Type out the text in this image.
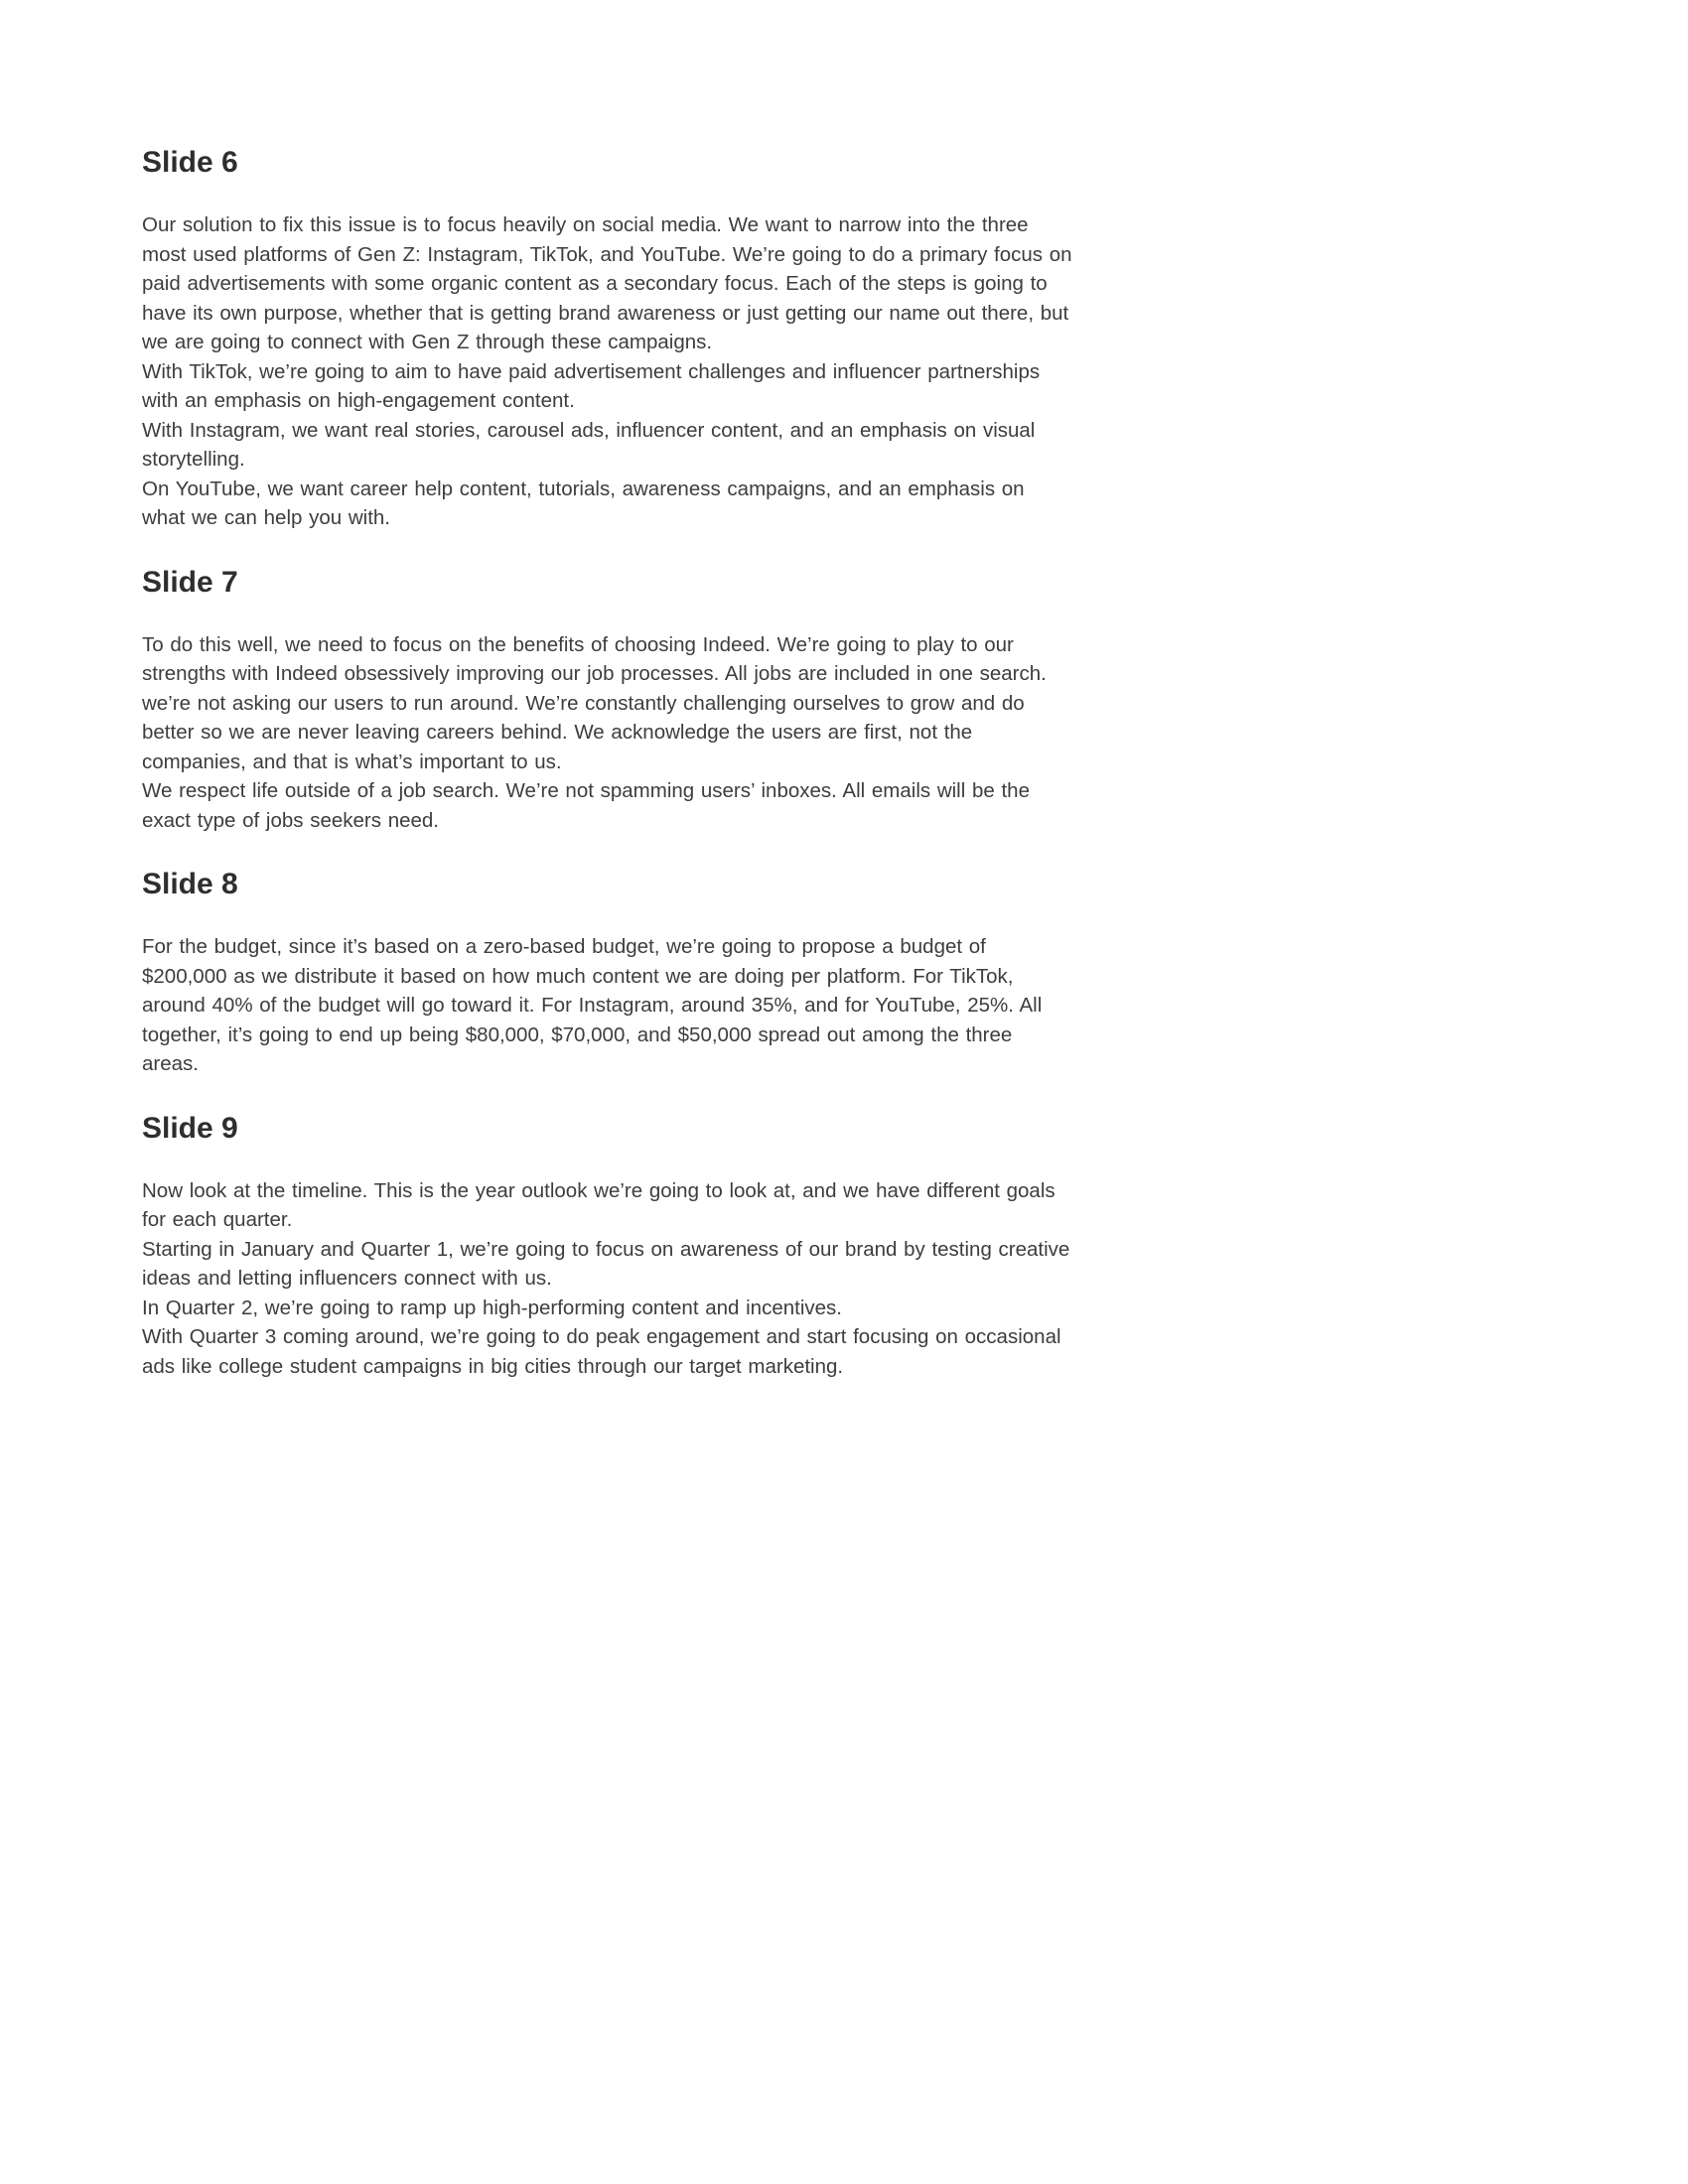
Slide 6

Our solution to fix this issue is to focus heavily on social media. We want to narrow into the three most used platforms of Gen Z: Instagram, TikTok, and YouTube. We’re going to do a primary focus on paid advertisements with some organic content as a secondary focus. Each of the steps is going to have its own purpose, whether that is getting brand awareness or just getting our name out there, but we are going to connect with Gen Z through these campaigns.

With TikTok, we’re going to aim to have paid advertisement challenges and influencer partnerships with an emphasis on high-engagement content.

With Instagram, we want real stories, carousel ads, influencer content, and an emphasis on visual storytelling.

On YouTube, we want career help content, tutorials, awareness campaigns, and an emphasis on what we can help you with.

Slide 7

To do this well, we need to focus on the benefits of choosing Indeed. We’re going to play to our strengths with Indeed obsessively improving our job processes. All jobs are included in one search. we’re not asking our users to run around. We’re constantly challenging ourselves to grow and do better so we are never leaving careers behind. We acknowledge the users are first, not the companies, and that is what’s important to us.

We respect life outside of a job search. We’re not spamming users’ inboxes. All emails will be the exact type of jobs seekers need.

Slide 8

For the budget, since it’s based on a zero-based budget, we’re going to propose a budget of $200,000 as we distribute it based on how much content we are doing per platform. For TikTok, around 40% of the budget will go toward it. For Instagram, around 35%, and for YouTube, 25%. All together, it’s going to end up being $80,000, $70,000, and $50,000 spread out among the three areas.

Slide 9

Now look at the timeline. This is the year outlook we’re going to look at, and we have different goals for each quarter.

Starting in January and Quarter 1, we’re going to focus on awareness of our brand by testing creative ideas and letting influencers connect with us.

In Quarter 2, we’re going to ramp up high-performing content and incentives.

With Quarter 3 coming around, we’re going to do peak engagement and start focusing on occasional ads like college student campaigns in big cities through our target marketing.
